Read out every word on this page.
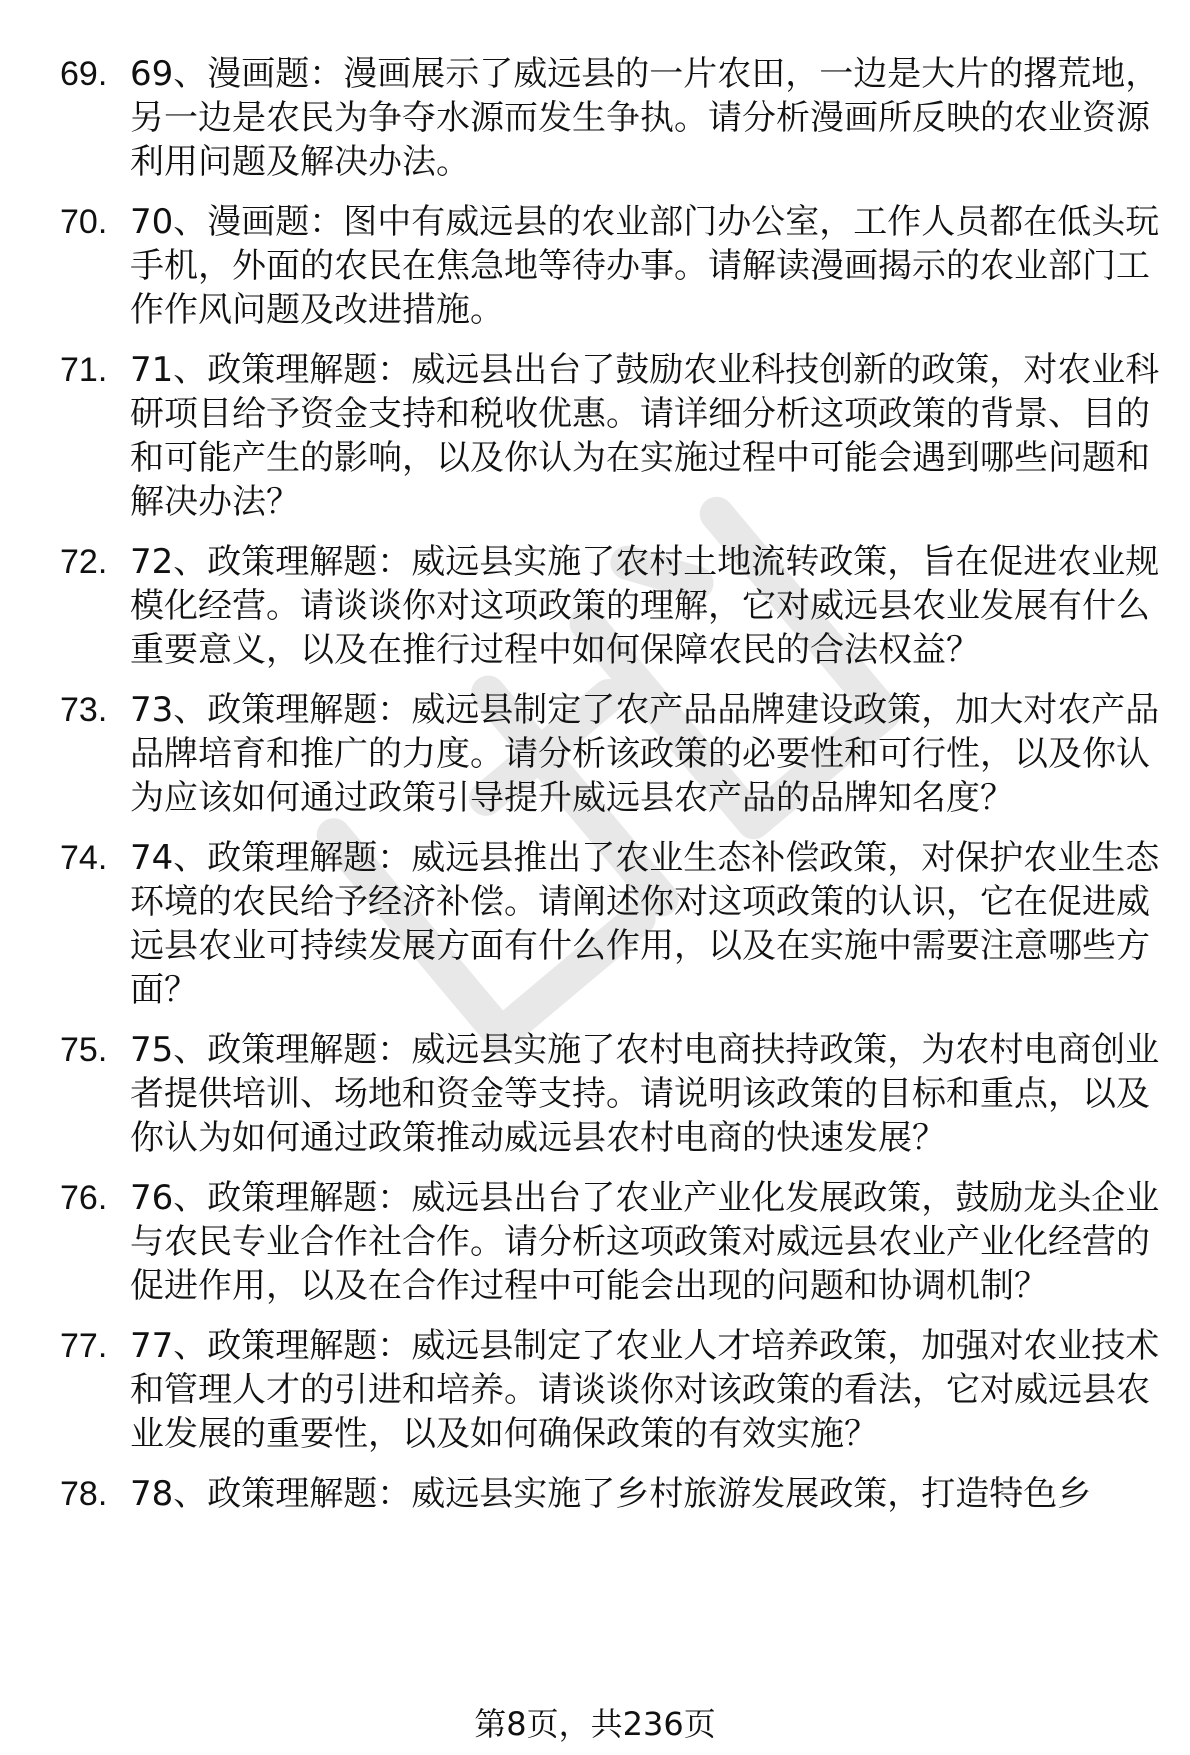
69. 69、漫画题：漫画展示了威远县的一片农田，一边是大片的撂荒地，另一边是农民为争夺水源而发生争执。请分析漫画所反映的农业资源利用问题及解决办法。
70. 70、漫画题：图中有威远县的农业部门办公室，工作人员都在低头玩手机，外面的农民在焦急地等待办事。请解读漫画揭示的农业部门工作作风问题及改进措施。
71. 71、政策理解题：威远县出台了鼓励农业科技创新的政策，对农业科研项目给予资金支持和税收优惠。请详细分析这项政策的背景、目的和可能产生的影响，以及你认为在实施过程中可能会遇到哪些问题和解决办法？
72. 72、政策理解题：威远县实施了农村土地流转政策，旨在促进农业规模化经营。请谈谈你对这项政策的理解，它对威远县农业发展有什么重要意义，以及在推行过程中如何保障农民的合法权益？
73. 73、政策理解题：威远县制定了农产品品牌建设政策，加大对农产品品牌培育和推广的力度。请分析该政策的必要性和可行性，以及你认为应该如何通过政策引导提升威远县农产品的品牌知名度？
74. 74、政策理解题：威远县推出了农业生态补偿政策，对保护农业生态环境的农民给予经济补偿。请阐述你对这项政策的认识，它在促进威远县农业可持续发展方面有什么作用，以及在实施中需要注意哪些方面？
75. 75、政策理解题：威远县实施了农村电商扶持政策，为农村电商创业者提供培训、场地和资金等支持。请说明该政策的目标和重点，以及你认为如何通过政策推动威远县农村电商的快速发展？
76. 76、政策理解题：威远县出台了农业产业化发展政策，鼓励龙头企业与农民专业合作社合作。请分析这项政策对威远县农业产业化经营的促进作用，以及在合作过程中可能会出现的问题和协调机制？
77. 77、政策理解题：威远县制定了农业人才培养政策，加强对农业技术和管理人才的引进和培养。请谈谈你对该政策的看法，它对威远县农业发展的重要性，以及如何确保政策的有效实施？
78. 78、政策理解题：威远县实施了乡村旅游发展政策，打造特色乡
第8页，共236页
